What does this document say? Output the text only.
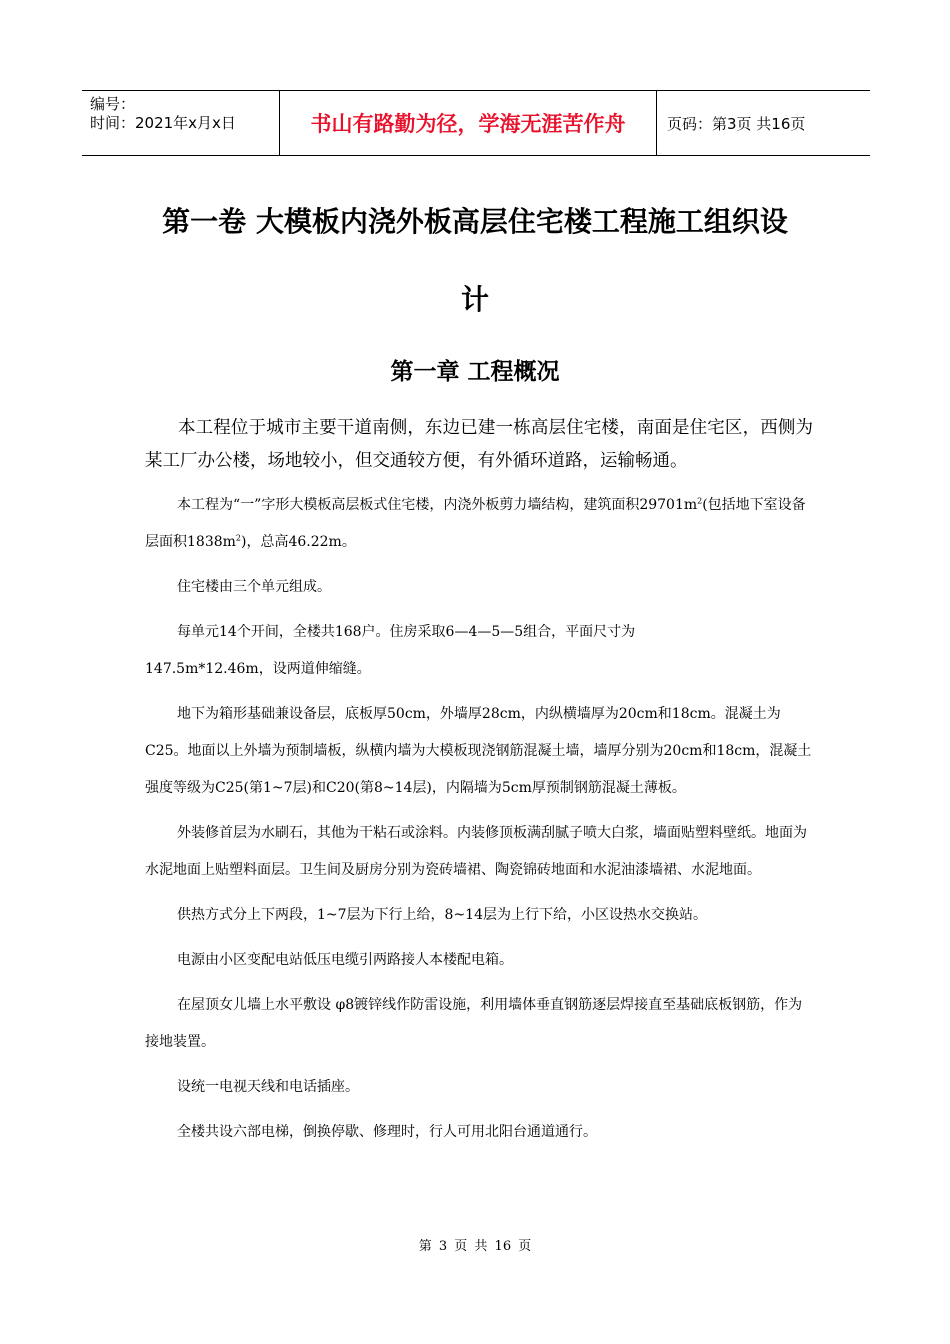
编号：
时间：2021年x月x日	书山有路勤为径，学海无涯苦作舟	页码：第3页 共16页
第一卷 大模板内浇外板高层住宅楼工程施工组织设
计
第一章 工程概况

本工程位于城市主要干道南侧，东边已建一栋高层住宅楼，南面是住宅区，西侧为某工厂办公楼，场地较小，但交通较方便，有外循环道路，运输畅通。

本工程为“一”字形大模板高层板式住宅楼，内浇外板剪力墙结构，建筑面积$29701m^2$(包括地下室设备层面积$1838m^2$)，总高46.22m。

住宅楼由三个单元组成。

每单元14个开间，全楼共168户。住房采取6—4—5—5组合，平面尺寸为

147.5m*12.46m，设两道伸缩缝。

地下为箱形基础兼设备层，底板厚50cm，外墙厚28cm，内纵横墙厚为20cm和18cm。混凝土为C25。地面以上外墙为预制墙板，纵横内墙为大模板现浇钢筋混凝土墙，墙厚分别为20cm和18cm，混凝土强度等级为C25(第1~7层)和C20(第8~14层)，内隔墙为5cm厚预制钢筋混凝土薄板。

外装修首层为水刷石，其他为干粘石或涂料。内装修顶板满刮腻子喷大白浆，墙面贴塑料壁纸。地面为水泥地面上贴塑料面层。卫生间及厨房分别为瓷砖墙裙、陶瓷锦砖地面和水泥油漆墙裙、水泥地面。

供热方式分上下两段，1~7层为下行上给，8~14层为上行下给，小区设热水交换站。

电源由小区变配电站低压电缆引两路接人本楼配电箱。

在屋顶女儿墙上水平敷设 φ8镀锌线作防雷设施，利用墙体垂直钢筋逐层焊接直至基础底板钢筋，作为接地装置。

设统一电视天线和电话插座。

全楼共设六部电梯，倒换停歇、修理时，行人可用北阳台通道通行。

第 3 页 共 16 页
